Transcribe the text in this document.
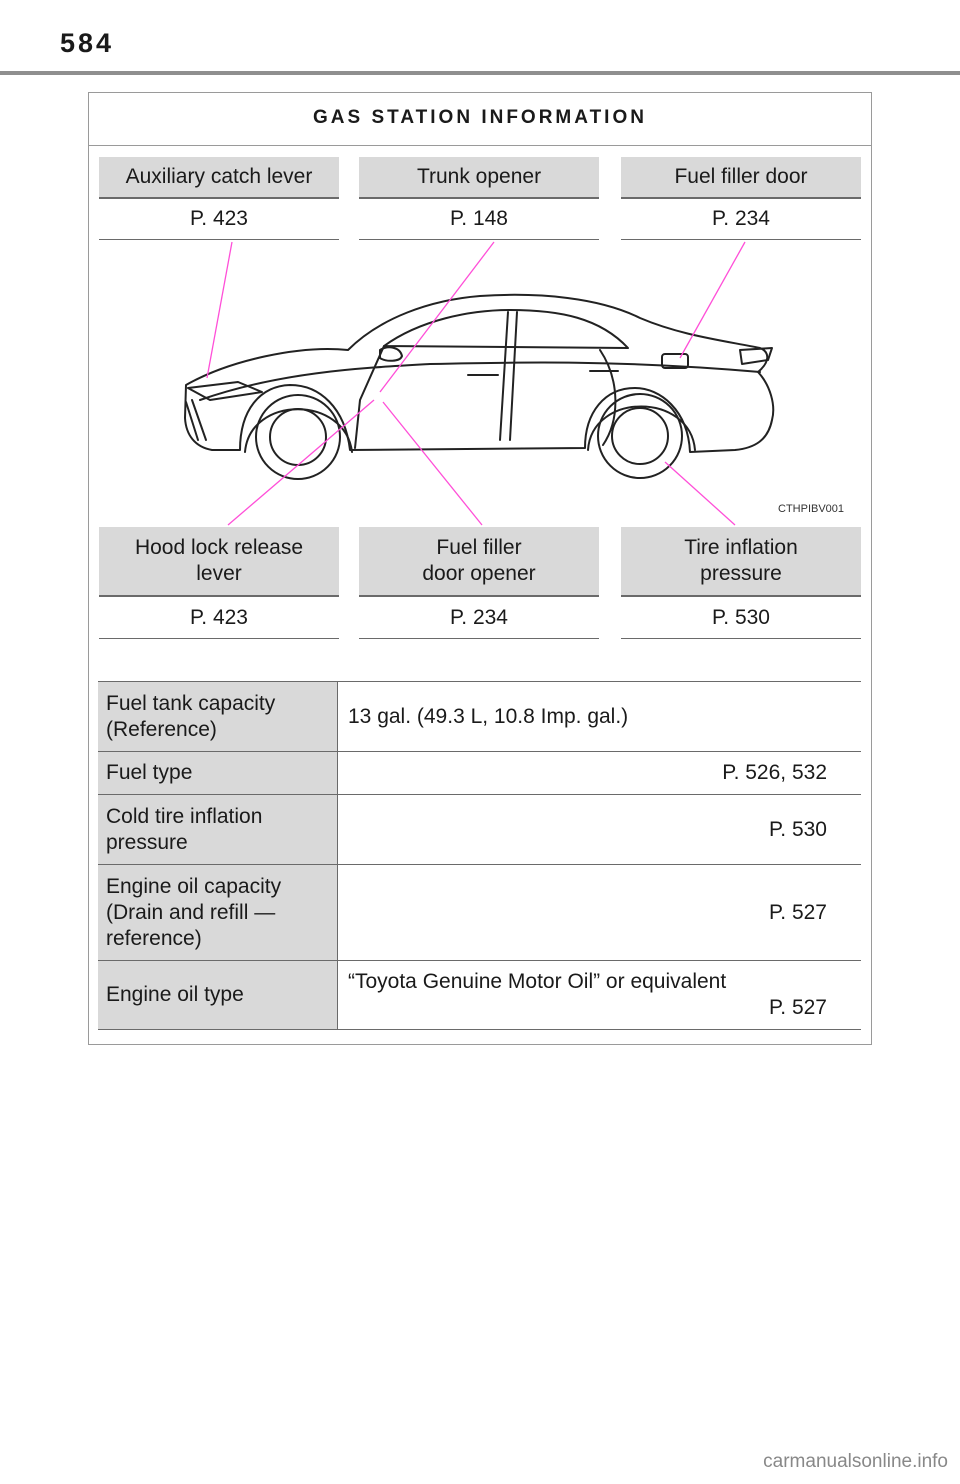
584
GAS STATION INFORMATION
Auxiliary catch lever
P. 423
Trunk opener
P. 148
Fuel filler door
P. 234
CTHPIBV001
Hood lock release lever
P. 423
Fuel filler
door opener
P. 234
Tire inflation pressure
P. 530
Fuel tank capacity (Reference)
13 gal. (49.3 L, 10.8 Imp. gal.)
Fuel type	P. 526, 532
Cold tire inflation pressure
P. 530
Engine oil capacity (Drain and refill — reference)
P. 527
Engine oil type
“Toyota Genuine Motor Oil” or equivalent
P. 527
carmanualsonline.info
